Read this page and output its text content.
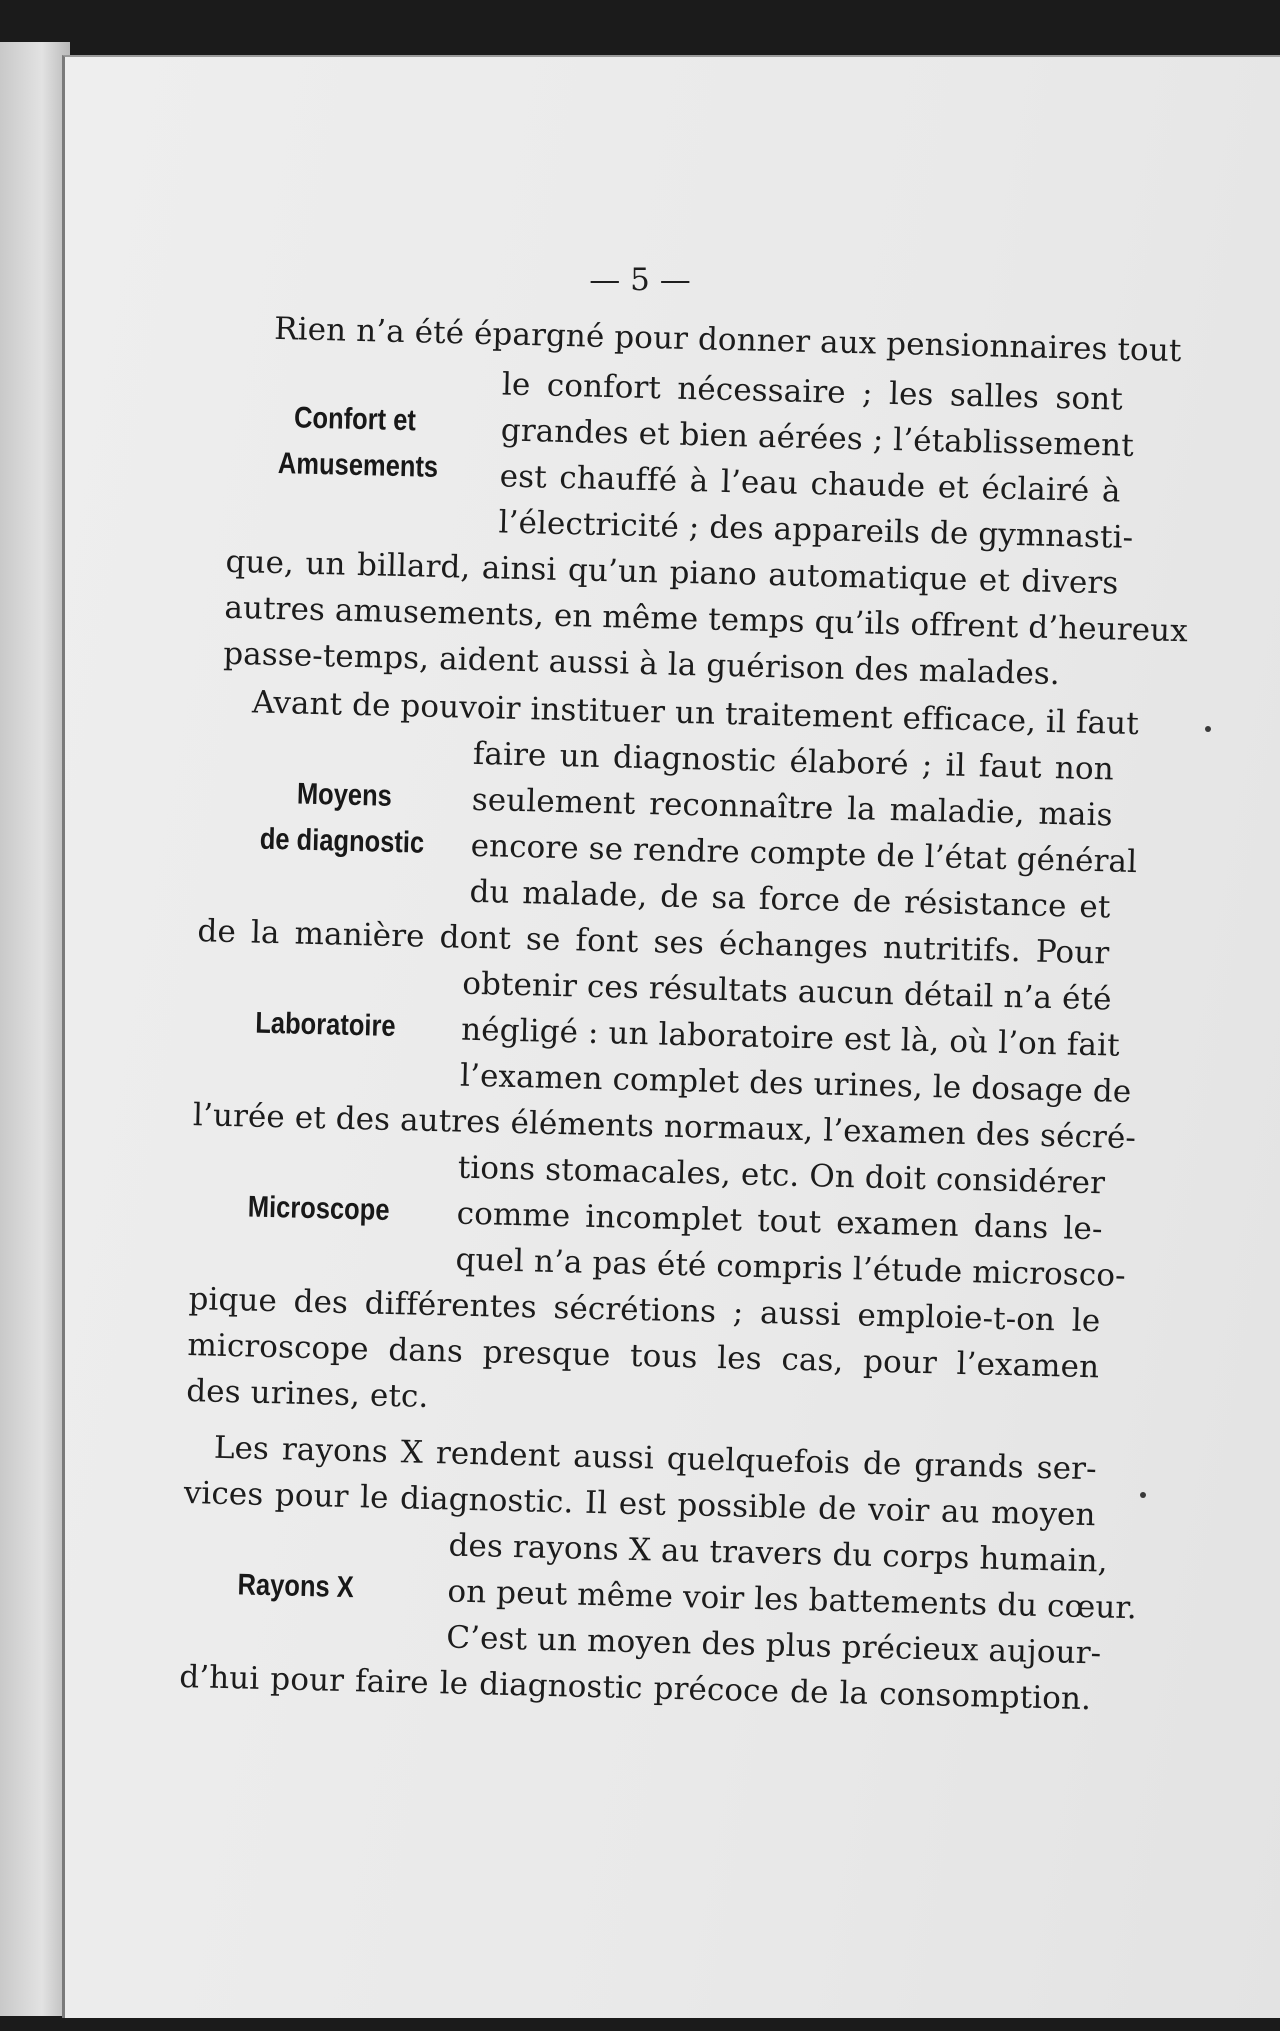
— 5 —
Rien n’a été épargné pour donner aux pensionnaires tout
le confort nécessaire ; les salles sont
grandes et bien aérées ; l’établissement
est chauffé à l’eau chaude et éclairé à
l’électricité ; des appareils de gymnasti-
que, un billard, ainsi qu’un piano automatique et divers
autres amusements, en même temps qu’ils offrent d’heureux
passe-temps, aident aussi à la guérison des malades.
Confort et
Amusements
Avant de pouvoir instituer un traitement efficace, il faut
faire un diagnostic élaboré ; il faut non
seulement reconnaître la maladie, mais
encore se rendre compte de l’état général
du malade, de sa force de résistance et
de la manière dont se font ses échanges nutritifs. Pour
obtenir ces résultats aucun détail n’a été
négligé : un laboratoire est là, où l’on fait
l’examen complet des urines, le dosage de
l’urée et des autres éléments normaux, l’examen des sécré-
tions stomacales, etc. On doit considérer
comme incomplet tout examen dans le-
quel n’a pas été compris l’étude microsco-
pique des différentes sécrétions ; aussi emploie-t-on le
microscope dans presque tous les cas, pour l’examen
des urines, etc.
Moyens
de diagnostic
Laboratoire
Microscope
Les rayons X rendent aussi quelquefois de grands ser-
vices pour le diagnostic. Il est possible de voir au moyen
des rayons X au travers du corps humain,
on peut même voir les battements du cœur.
C’est un moyen des plus précieux aujour-
d’hui pour faire le diagnostic précoce de la consomption.
Rayons X
